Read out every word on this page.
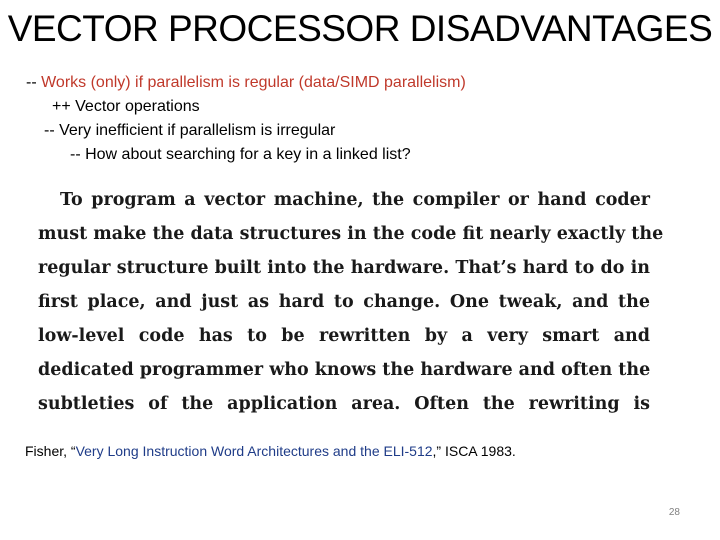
VECTOR PROCESSOR DISADVANTAGES
-- Works (only) if parallelism is regular (data/SIMD parallelism)
++ Vector operations
-- Very inefficient if parallelism is irregular
-- How about searching for a key in a linked list?
To program a vector machine, the compiler or hand coder
must make the data structures in the code fit nearly exactly the
regular structure built into the hardware. That’s hard to do in
first place, and just as hard to change. One tweak, and the
low-level code has to be rewritten by a very smart and
dedicated programmer who knows the hardware and often the
subtleties of the application area. Often the rewriting is
Fisher, “Very Long Instruction Word Architectures and the ELI-512,” ISCA 1983.
28
